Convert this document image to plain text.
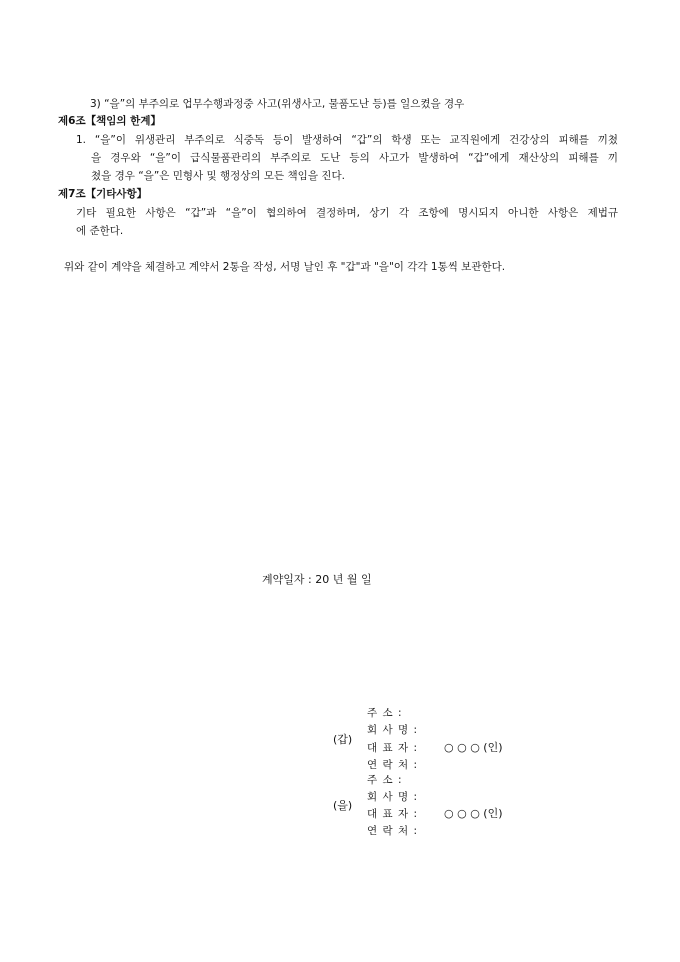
3) “을”의 부주의로 업무수행과정중 사고(위생사고, 물품도난 등)를 일으켰을 경우
제6조【책임의 한계】
1. “을”이 위생관리 부주의로 식중독 등이 발생하여 “갑”의 학생 또는 교직원에게 건강상의 피해를 끼쳤
을 경우와 “을”이 급식물품관리의 부주의로 도난 등의 사고가 발생하여 “갑”에게 재산상의 피해를 끼
쳤을 경우 “을”은 민형사 및 행정상의 모든 책임을 진다.
제7조【기타사항】
기타 필요한 사항은 “갑”과 “을”이 협의하여 결정하며, 상기 각 조항에 명시되지 아니한 사항은 제법규
에 준한다.
위와 같이 계약을 체결하고 계약서 2통을 작성, 서명 날인 후 "갑"과 "을"이 각각 1통씩 보관한다.
계약일자 : 20 년 월 일
(갑)
주 소 :
회 사 명 :
대 표 자 :
연 락 처 :
○ ○ ○ (인)
(을)
주 소 :
회 사 명 :
대 표 자 :
연 락 처 :
○ ○ ○ (인)
